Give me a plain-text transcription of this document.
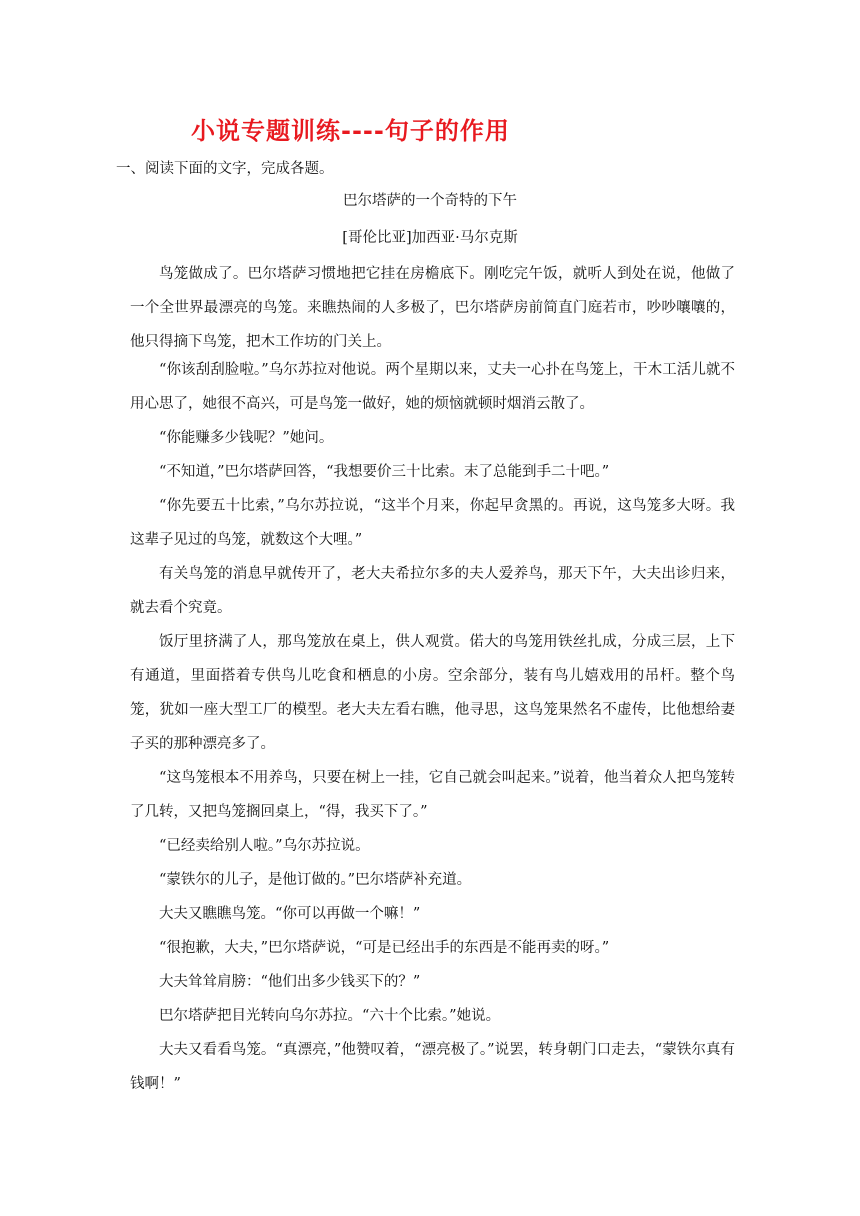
小说专题训练----句子的作用
一、阅读下面的文字，完成各题。
巴尔塔萨的一个奇特的下午
[哥伦比亚]加西亚·马尔克斯

鸟笼做成了。巴尔塔萨习惯地把它挂在房檐底下。刚吃完午饭，就听人到处在说，他做了一个全世界最漂亮的鸟笼。来瞧热闹的人多极了，巴尔塔萨房前简直门庭若市，吵吵嚷嚷的，他只得摘下鸟笼，把木工作坊的门关上。

“你该刮刮脸啦。”乌尔苏拉对他说。两个星期以来，丈夫一心扑在鸟笼上，干木工活儿就不用心思了，她很不高兴，可是鸟笼一做好，她的烦恼就顿时烟消云散了。

“你能赚多少钱呢？”她问。

“不知道，”巴尔塔萨回答，“我想要价三十比索。末了总能到手二十吧。”

“你先要五十比索，”乌尔苏拉说，“这半个月来，你起早贪黑的。再说，这鸟笼多大呀。我这辈子见过的鸟笼，就数这个大哩。”

有关鸟笼的消息早就传开了，老大夫希拉尔多的夫人爱养鸟，那天下午，大夫出诊归来，就去看个究竟。

饭厅里挤满了人，那鸟笼放在桌上，供人观赏。偌大的鸟笼用铁丝扎成，分成三层，上下有通道，里面搭着专供鸟儿吃食和栖息的小房。空余部分，装有鸟儿嬉戏用的吊杆。整个鸟笼，犹如一座大型工厂的模型。老大夫左看右瞧，他寻思，这鸟笼果然名不虚传，比他想给妻子买的那种漂亮多了。

“这鸟笼根本不用养鸟，只要在树上一挂，它自己就会叫起来。”说着，他当着众人把鸟笼转了几转，又把鸟笼搁回桌上，“得，我买下了。”

“已经卖给别人啦。”乌尔苏拉说。

“蒙铁尔的儿子，是他订做的。”巴尔塔萨补充道。

大夫又瞧瞧鸟笼。“你可以再做一个嘛！”

“很抱歉，大夫，”巴尔塔萨说，“可是已经出手的东西是不能再卖的呀。”

大夫耸耸肩膀：“他们出多少钱买下的？”

巴尔塔萨把目光转向乌尔苏拉。“六十个比索。”她说。

大夫又看看鸟笼。“真漂亮，”他赞叹着，“漂亮极了。”说罢，转身朝门口走去，“蒙铁尔真有钱啊！”
